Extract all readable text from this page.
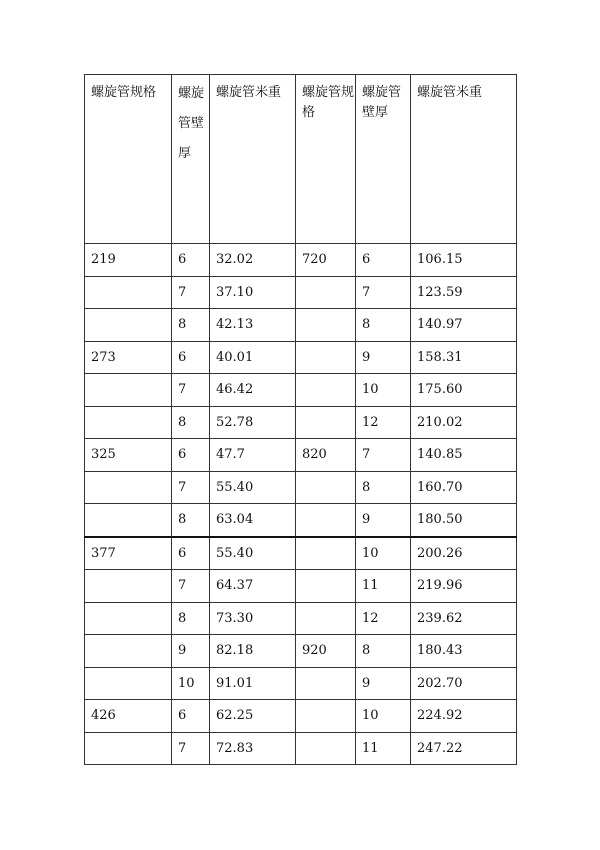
螺旋管规格	螺旋管壁厚	螺旋管米重	螺旋管规格	螺旋管壁厚	螺旋管米重
219	6	32.02	720	6	106.15
	7	37.10		7	123.59
	8	42.13		8	140.97
273	6	40.01		9	158.31
	7	46.42		10	175.60
	8	52.78		12	210.02
325	6	47.7	820	7	140.85
	7	55.40		8	160.70
	8	63.04		9	180.50
377	6	55.40		10	200.26
	7	64.37		11	219.96
	8	73.30		12	239.62
	9	82.18	920	8	180.43
	10	91.01		9	202.70
426	6	62.25		10	224.92
	7	72.83		11	247.22
